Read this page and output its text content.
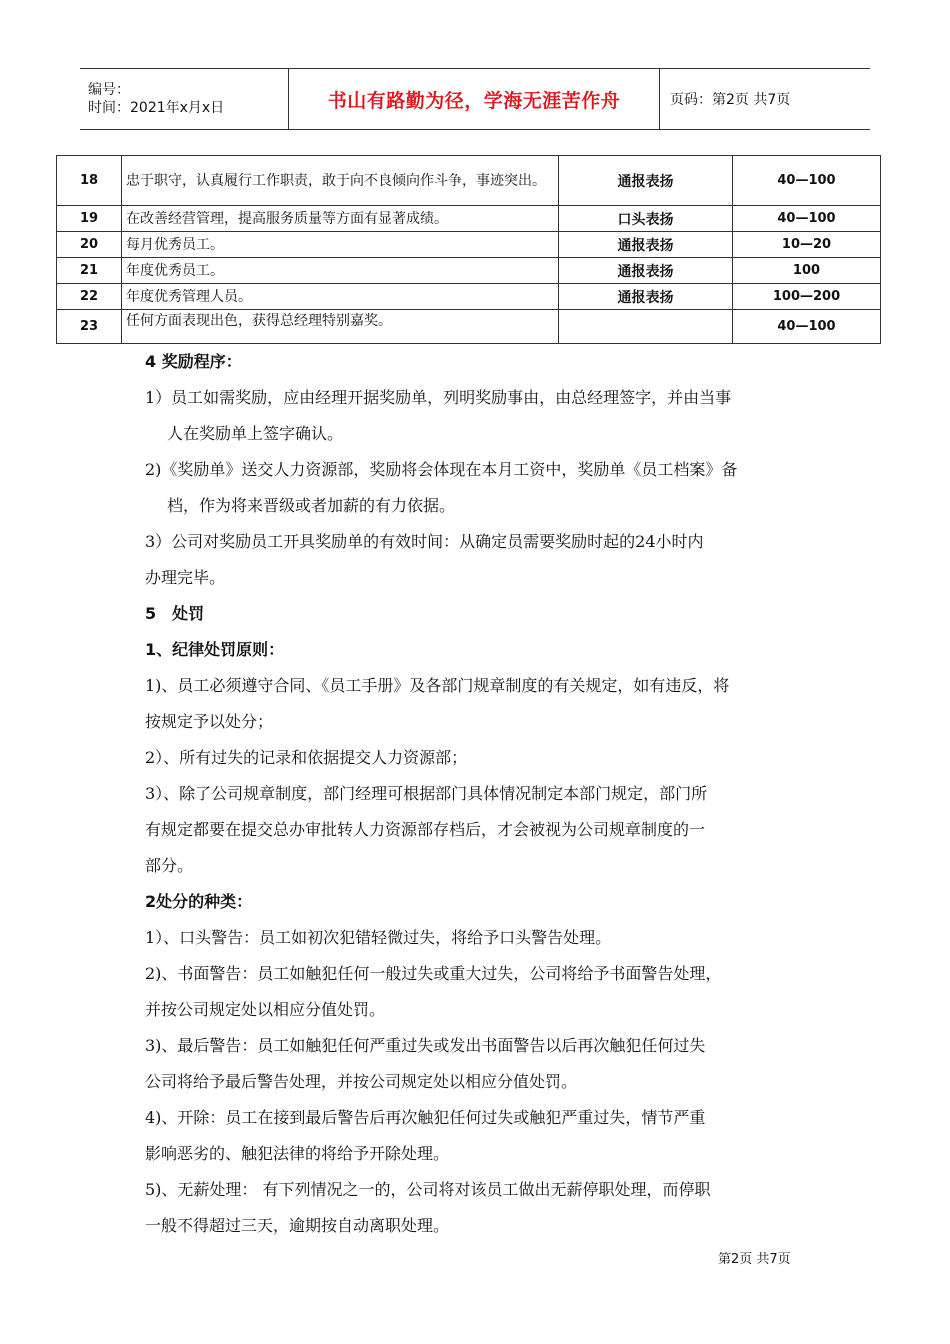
编号：
时间：2021年x月x日	书山有路勤为径，学海无涯苦作舟	页码：第2页 共7页
18	忠于职守，认真履行工作职责，敢于向不良倾向作斗争，事迹突出。	通报表扬	40—100
19	在改善经营管理，提高服务质量等方面有显著成绩。	口头表扬	40—100
20	每月优秀员工。	通报表扬	10—20
21	年度优秀员工。	通报表扬	100
22	年度优秀管理人员。	通报表扬	100—200
23	任何方面表现出色，获得总经理特别嘉奖。		40—100

4 奖励程序：

1）员工如需奖励，应由经理开据奖励单，列明奖励事由，由总经理签字，并由当事

人在奖励单上签字确认。

2)《奖励单》送交人力资源部，奖励将会体现在本月工资中，奖励单《员工档案》备

档，作为将来晋级或者加薪的有力依据。

3）公司对奖励员工开具奖励单的有效时间：从确定员需要奖励时起的24小时内

办理完毕。

5　处罚

1、纪律处罚原则：

1)、员工必须遵守合同、《员工手册》及各部门规章制度的有关规定，如有违反，将

按规定予以处分；

2）、所有过失的记录和依据提交人力资源部；

3）、除了公司规章制度，部门经理可根据部门具体情况制定本部门规定，部门所

有规定都要在提交总办审批转人力资源部存档后，才会被视为公司规章制度的一

部分。

2处分的种类：

1）、口头警告：员工如初次犯错轻微过失，将给予口头警告处理。

2)、书面警告：员工如触犯任何一般过失或重大过失，公司将给予书面警告处理，

并按公司规定处以相应分值处罚。

3)、最后警告：员工如触犯任何严重过失或发出书面警告以后再次触犯任何过失

公司将给予最后警告处理，并按公司规定处以相应分值处罚。

4)、开除：员工在接到最后警告后再次触犯任何过失或触犯严重过失，情节严重

影响恶劣的、触犯法律的将给予开除处理。

5)、无薪处理： 有下列情况之一的，公司将对该员工做出无薪停职处理，而停职

一般不得超过三天，逾期按自动离职处理。

第2页 共7页
